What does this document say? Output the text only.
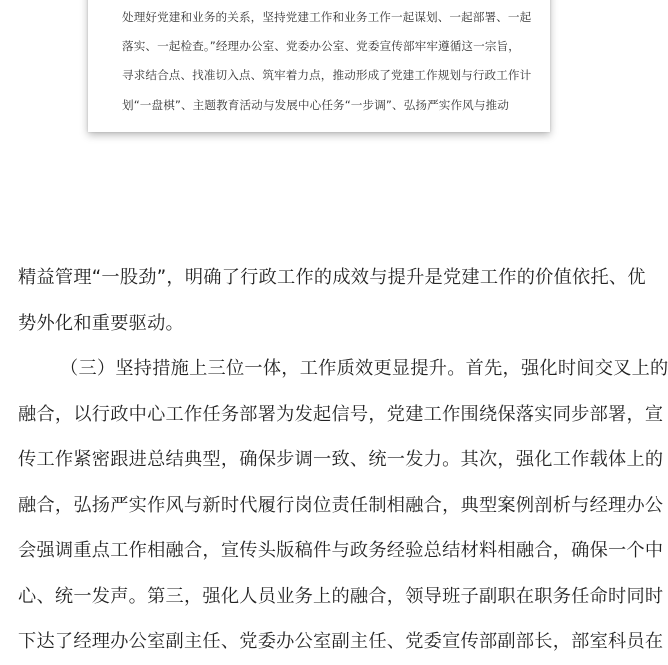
处理好党建和业务的关系，坚持党建工作和业务工作一起谋划、一起部署、一起
落实、一起检查。”经理办公室、党委办公室、党委宣传部牢牢遵循这一宗旨，
寻求结合点、找准切入点、筑牢着力点，推动形成了党建工作规划与行政工作计
划“一盘棋”、主题教育活动与发展中心任务“一步调”、弘扬严实作风与推动
精益管理“一股劲”，明确了行政工作的成效与提升是党建工作的价值依托、优
势外化和重要驱动。
（三）坚持措施上三位一体，工作质效更显提升。首先，强化时间交叉上的
融合，以行政中心工作任务部署为发起信号，党建工作围绕保落实同步部署，宣
传工作紧密跟进总结典型，确保步调一致、统一发力。其次，强化工作载体上的
融合，弘扬严实作风与新时代履行岗位责任制相融合，典型案例剖析与经理办公
会强调重点工作相融合，宣传头版稿件与政务经验总结材料相融合，确保一个中
心、统一发声。第三，强化人员业务上的融合，领导班子副职在职务任命时同时
下达了经理办公室副主任、党委办公室副主任、党委宣传部副部长，部室科员在
